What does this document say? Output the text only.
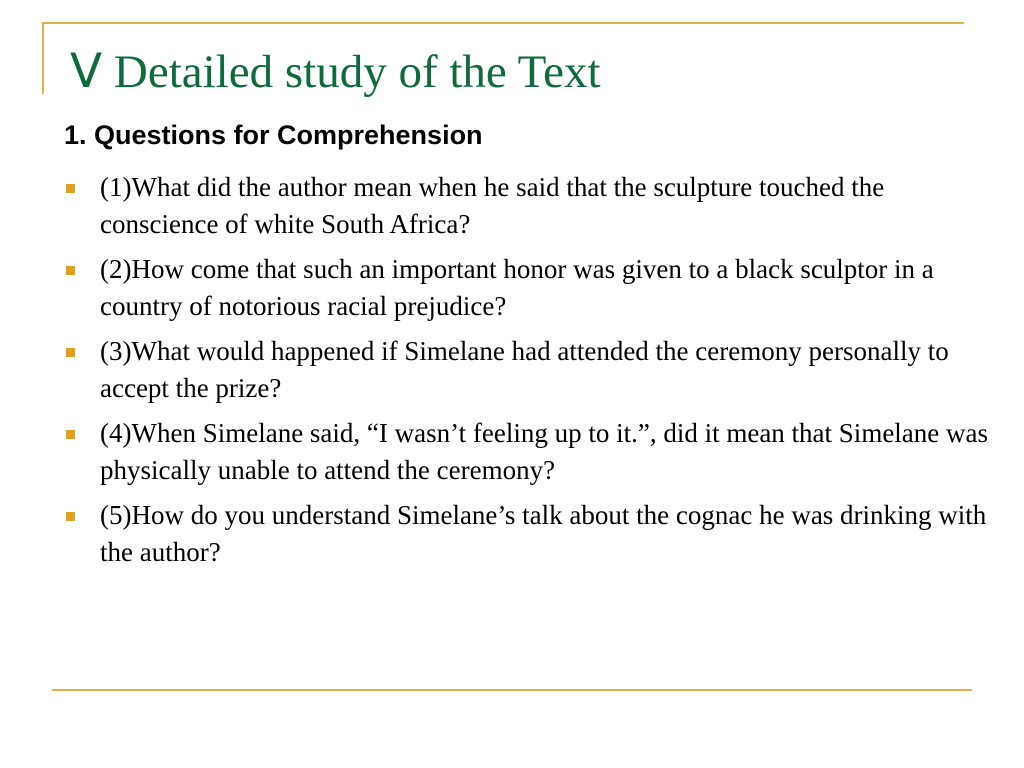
Ⅴ Detailed study of the Text
1. Questions for Comprehension
(1)What did the author mean when he said that the sculpture touched the conscience of white South Africa?
(2)How come that such an important honor was given to a black sculptor in a country of notorious racial prejudice?
(3)What would happened if Simelane had attended the ceremony personally to accept the prize?
(4)When Simelane said, “I wasn’t feeling up to it.”, did it mean that Simelane was physically unable to attend the ceremony?
(5)How do you understand Simelane’s talk about the cognac he was drinking with the author?
